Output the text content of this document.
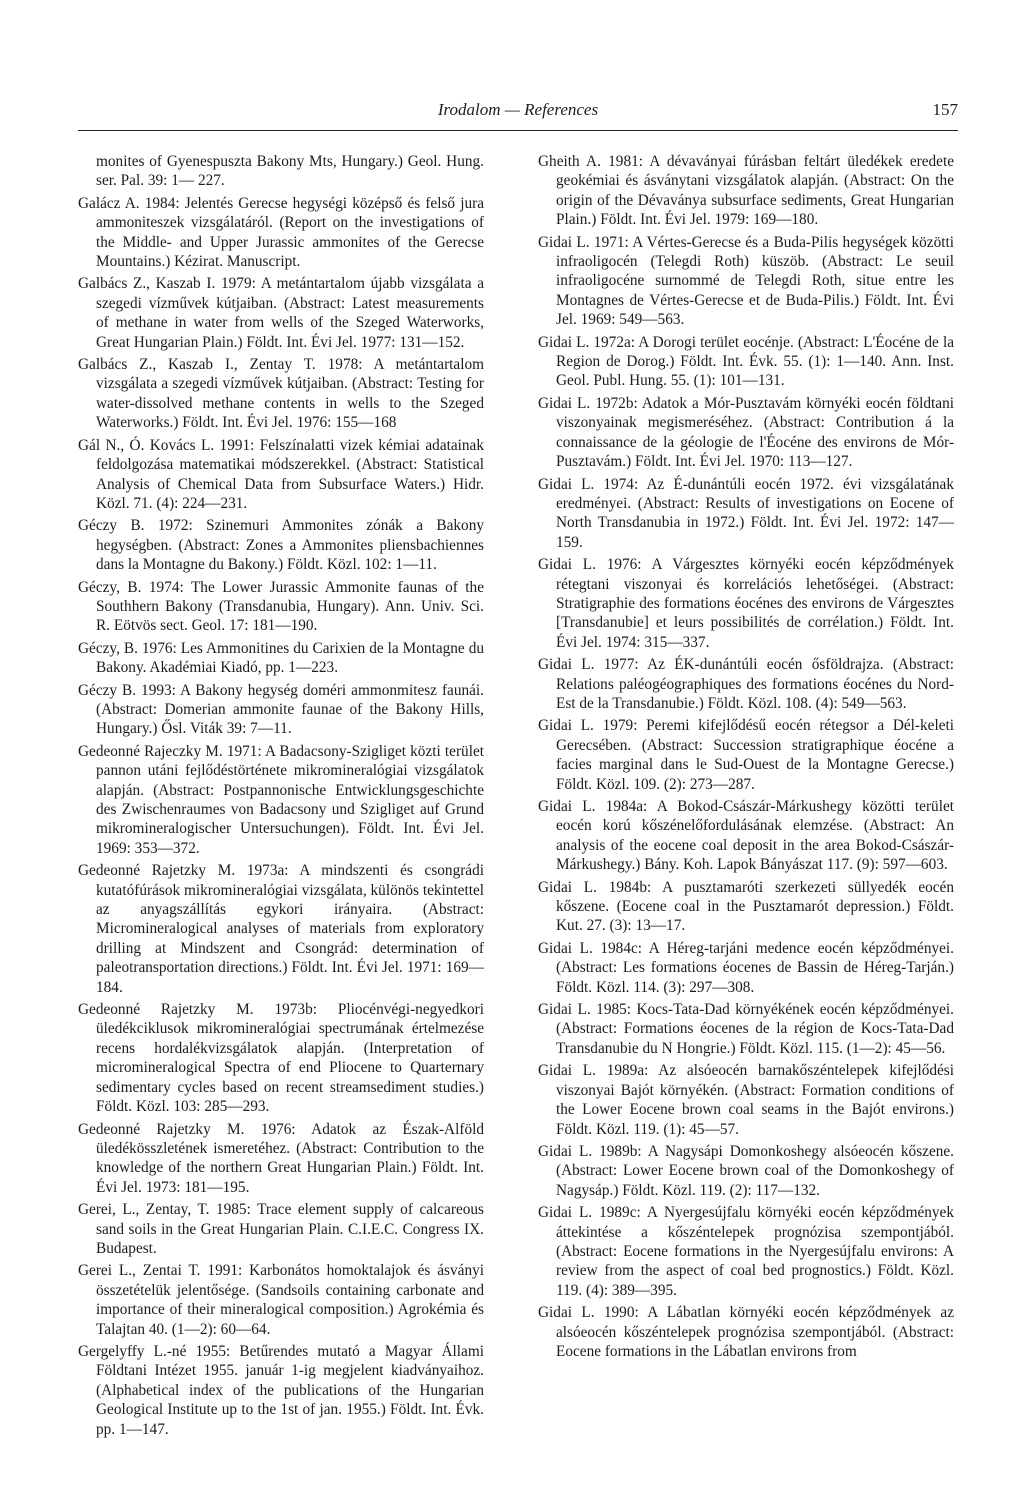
Irodalom — References	157

monites of Gyenespuszta Bakony Mts, Hungary.) Geol. Hung. ser. Pal. 39: 1— 227.

Galácz A. 1984: Jelentés Gerecse hegységi középső és felső jura ammoniteszek vizsgálatáról. (Report on the investigations of the Middle- and Upper Jurassic ammonites of the Gerecse Mountains.) Kézirat. Manuscript.

Galbács Z., Kaszab I. 1979: A metántartalom újabb vizsgálata a szegedi vízművek kútjaiban. (Abstract: Latest measurements of methane in water from wells of the Szeged Waterworks, Great Hungarian Plain.) Földt. Int. Évi Jel. 1977: 131—152.

Galbács Z., Kaszab I., Zentay T. 1978: A metántartalom vizsgálata a szegedi vízművek kútjaiban. (Abstract: Testing for water-dissolved methane contents in wells to the Szeged Waterworks.) Földt. Int. Évi Jel. 1976: 155—168

Gál N., Ó. Kovács L. 1991: Felszínalatti vizek kémiai adatainak feldolgozása matematikai módszerekkel. (Abstract: Statistical Analysis of Chemical Data from Subsurface Waters.) Hidr. Közl. 71. (4): 224—231.

Géczy B. 1972: Szinemuri Ammonites zónák a Bakony hegységben. (Abstract: Zones a Ammonites pliensbachiennes dans la Montagne du Bakony.) Földt. Közl. 102: 1—11.

Géczy, B. 1974: The Lower Jurassic Ammonite faunas of the Southhern Bakony (Transdanubia, Hungary). Ann. Univ. Sci. R. Eötvös sect. Geol. 17: 181—190.

Géczy, B. 1976: Les Ammonitines du Carixien de la Montagne du Bakony. Akadémiai Kiadó, pp. 1—223.

Géczy B. 1993: A Bakony hegység doméri ammonmitesz faunái. (Abstract: Domerian ammonite faunae of the Bakony Hills, Hungary.) Ősl. Viták 39: 7—11.

Gedeonné Rajeczky M. 1971: A Badacsony-Szigliget közti terület pannon utáni fejlődéstörténete mikromineralógiai vizsgálatok alapján. (Abstract: Postpannonische Entwicklungsgeschichte des Zwischenraumes von Badacsony und Szigliget auf Grund mikromineralogischer Untersuchungen). Földt. Int. Évi Jel. 1969: 353—372.

Gedeonné Rajetzky M. 1973a: A mindszenti és csongrádi kutatófúrások mikromineralógiai vizsgálata, különös tekintettel az anyagszállítás egykori irányaira. (Abstract: Micromineralogical analyses of materials from exploratory drilling at Mindszent and Csongrád: determination of paleotransportation directions.) Földt. Int. Évi Jel. 1971: 169—184.

Gedeonné Rajetzky M. 1973b: Pliocénvégi-negyedkori üledékciklusok mikromineralógiai spectrumának értelmezése recens hordalékvizsgálatok alapján. (Interpretation of micromineralogical Spectra of end Pliocene to Quarternary sedimentary cycles based on recent streamsediment studies.) Földt. Közl. 103: 285—293.

Gedeonné Rajetzky M. 1976: Adatok az Észak-Alföld üledékösszletének ismeretéhez. (Abstract: Contribution to the knowledge of the northern Great Hungarian Plain.) Földt. Int. Évi Jel. 1973: 181—195.

Gerei, L., Zentay, T. 1985: Trace element supply of calcareous sand soils in the Great Hungarian Plain. C.I.E.C. Congress IX. Budapest.

Gerei L., Zentai T. 1991: Karbonátos homoktalajok és ásványi összetételük jelentősége. (Sandsoils containing carbonate and importance of their mineralogical composition.) Agrokémia és Talajtan 40. (1—2): 60—64.

Gergelyffy L.-né 1955: Betűrendes mutató a Magyar Állami Földtani Intézet 1955. január 1-ig megjelent kiadványaihoz. (Alphabetical index of the publications of the Hungarian Geological Institute up to the 1st of jan. 1955.) Földt. Int. Évk. pp. 1—147.

Gheith A. 1981: A dévaványai fúrásban feltárt üledékek eredete geokémiai és ásványtani vizsgálatok alapján. (Abstract: On the origin of the Dévaványa subsurface sediments, Great Hungarian Plain.) Földt. Int. Évi Jel. 1979: 169—180.

Gidai L. 1971: A Vértes-Gerecse és a Buda-Pilis hegységek közötti infraoligocén (Telegdi Roth) küszöb. (Abstract: Le seuil infraoligocéne surnommé de Telegdi Roth, situe entre les Montagnes de Vértes-Gerecse et de Buda-Pilis.) Földt. Int. Évi Jel. 1969: 549—563.

Gidai L. 1972a: A Dorogi terület eocénje. (Abstract: L'Éocéne de la Region de Dorog.) Földt. Int. Évk. 55. (1): 1—140. Ann. Inst. Geol. Publ. Hung. 55. (1): 101—131.

Gidai L. 1972b: Adatok a Mór-Pusztavám környéki eocén földtani viszonyainak megismeréséhez. (Abstract: Contribution á la connaissance de la géologie de l'Éocéne des environs de Mór-Pusztavám.) Földt. Int. Évi Jel. 1970: 113—127.

Gidai L. 1974: Az É-dunántúli eocén 1972. évi vizsgálatának eredményei. (Abstract: Results of investigations on Eocene of North Transdanubia in 1972.) Földt. Int. Évi Jel. 1972: 147—159.

Gidai L. 1976: A Várgesztes környéki eocén képződmények rétegtani viszonyai és korrelációs lehetőségei. (Abstract: Stratigraphie des formations éocénes des environs de Várgesztes [Transdanubie] et leurs possibilités de corrélation.) Földt. Int. Évi Jel. 1974: 315—337.

Gidai L. 1977: Az ÉK-dunántúli eocén ősföldrajza. (Abstract: Relations paléogéographiques des formations éocénes du Nord-Est de la Transdanubie.) Földt. Közl. 108. (4): 549—563.

Gidai L. 1979: Peremi kifejlődésű eocén rétegsor a Dél-keleti Gerecsében. (Abstract: Succession stratigraphique éocéne a facies marginal dans le Sud-Ouest de la Montagne Gerecse.) Földt. Közl. 109. (2): 273—287.

Gidai L. 1984a: A Bokod-Császár-Márkushegy közötti terület eocén korú kőszénelőfordulásának elemzése. (Abstract: An analysis of the eocene coal deposit in the area Bokod-Császár-Márkushegy.) Bány. Koh. Lapok Bányászat 117. (9): 597—603.

Gidai L. 1984b: A pusztamaróti szerkezeti süllyedék eocén kőszene. (Eocene coal in the Pusztamarót depression.) Földt. Kut. 27. (3): 13—17.

Gidai L. 1984c: A Héreg-tarjáni medence eocén képződményei. (Abstract: Les formations éocenes de Bassin de Héreg-Tarján.) Földt. Közl. 114. (3): 297—308.

Gidai L. 1985: Kocs-Tata-Dad környékének eocén képződményei. (Abstract: Formations éocenes de la région de Kocs-Tata-Dad Transdanubie du N Hongrie.) Földt. Közl. 115. (1—2): 45—56.

Gidai L. 1989a: Az alsóeocén barnakőszéntelepek kifejlődési viszonyai Bajót környékén. (Abstract: Formation conditions of the Lower Eocene brown coal seams in the Bajót environs.) Földt. Közl. 119. (1): 45—57.

Gidai L. 1989b: A Nagysápi Domonkoshegy alsóeocén kőszene.(Abstract: Lower Eocene brown coal of the Domonkoshegy of Nagysáp.) Földt. Közl. 119. (2): 117—132.

Gidai L. 1989c: A Nyergesújfalu környéki eocén képződmények áttekintése a kőszéntelepek prognózisa szempontjából. (Abstract: Eocene formations in the Nyergesújfalu environs: A review from the aspect of coal bed prognostics.) Földt. Közl. 119. (4): 389—395.

Gidai L. 1990: A Lábatlan környéki eocén képződmények az alsóeocén kőszéntelepek prognózisa szempontjából. (Abstract: Eocene formations in the Lábatlan environs from
